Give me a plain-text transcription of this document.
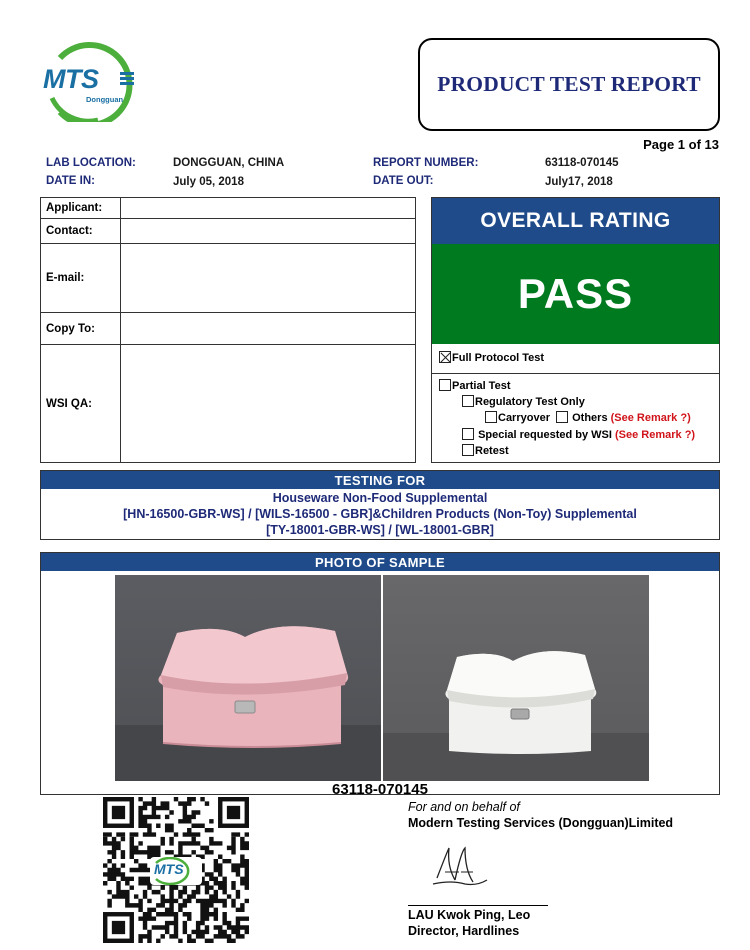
MTS
Dongguan
PRODUCT TEST REPORT
Page 1 of 13
LAB LOCATION:	DONGGUAN, CHINA
DATE IN:	July 05, 2018
REPORT NUMBER:	63118-070145
DATE OUT:	July17, 2018
Applicant:
Contact:
E-mail:
Copy To:
WSI QA:
OVERALL RATING
PASS
Full Protocol Test
Partial Test
Regulatory Test Only
Carryover Others (See Remark ?)
Special requested by WSI (See Remark ?)
Retest
TESTING FOR
Houseware Non-Food Supplemental
[HN-16500-GBR-WS] / [WILS-16500 - GBR]&Children Products (Non-Toy) Supplemental
[TY-18001-GBR-WS] / [WL-18001-GBR]
PHOTO OF SAMPLE
63118-070145
MTS
For and on behalf of
Modern Testing Services (Dongguan)Limited
LAU Kwok Ping, Leo
Director, Hardlines
